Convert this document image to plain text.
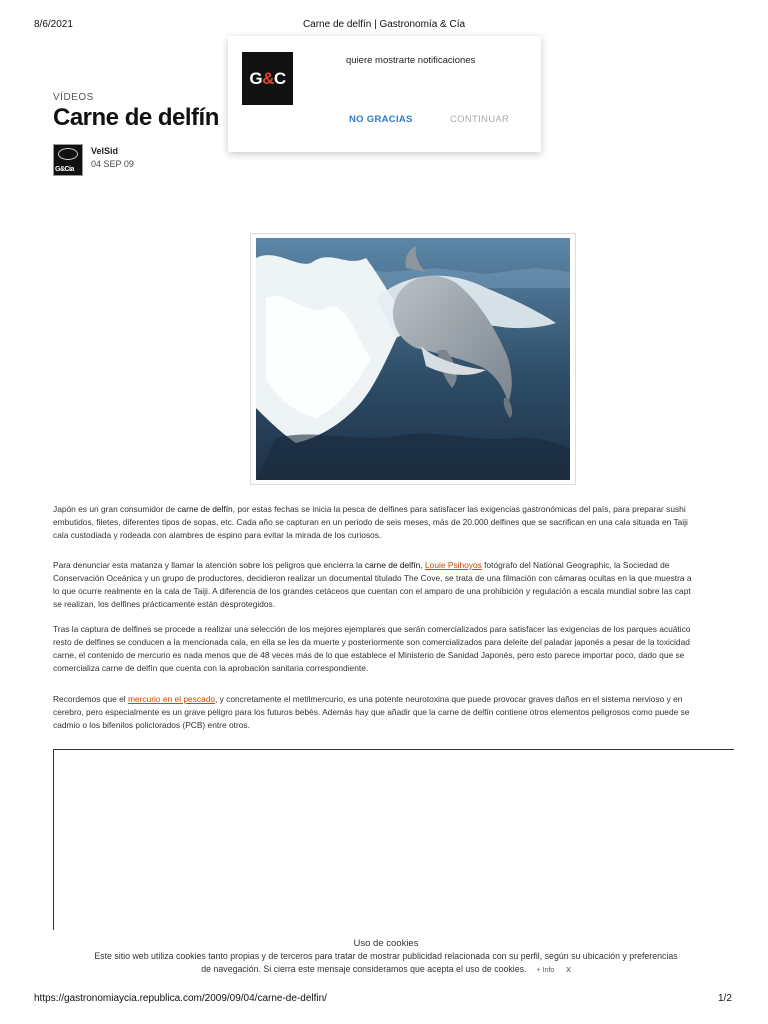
8/6/2021	Carne de delfín | Gastronomía & Cía
VÍDEOS
Carne de delfín
G&Cia
VelSid
04 SEP 09
Japón es un gran consumidor de carne de delfín, por estas fechas se inicia la pesca de delfines para satisfacer las exigencias gastronómicas del país, para preparar sushi
embutidos, filetes, diferentes tipos de sopas, etc. Cada año se capturan en un periodo de seis meses, más de 20.000 delfines que se sacrifican en una cala situada en Taiji
cala custodiada y rodeada con alambres de espino para evitar la mirada de los curiosos.
Para denunciar esta matanza y llamar la atención sobre los peligros que encierra la carne de delfín, Louie Psihoyos fotógrafo del National Geographic, la Sociedad de
Conservación Oceánica y un grupo de productores, decidieron realizar un documental titulado The Cove, se trata de una filmación con cámaras ocultas en la que muestra a
lo que ocurre realmente en la cala de Taiji. A diferencia de los grandes cetáceos que cuentan con el amparo de una prohibición y regulación a escala mundial sobre las capt
se realizan, los delfines prácticamente están desprotegidos.
Tras la captura de delfines se procede a realizar una selección de los mejores ejemplares que serán comercializados para satisfacer las exigencias de los parques acuático
resto de delfines se conducen a la mencionada cala, en ella se les da muerte y posteriormente son comercializados para deleite del paladar japonés a pesar de la toxicidad
carne, el contenido de mercurio es nada menos que de 48 veces más de lo que establece el Ministerio de Sanidad Japonés, pero esto parece importar poco, dado que se
comercializa carne de delfín que cuenta con la aprobación sanitaria correspondiente.
Recordemos que el mercurio en el pescado, y concretamente el metilmercurio, es una potente neurotoxina que puede provocar graves daños en el sistema nervioso y en
cerebro, pero especialmente es un grave peligro para los futuros bebés. Además hay que añadir que la carne de delfín contiene otros elementos peligrosos como puede se
cadmio o los bifenilos policlorados (PCB) entre otros.
G&C
quiere mostrarte notificaciones
NO GRACIAS	CONTINUAR
Uso de cookies
Este sitio web utiliza cookies tanto propias y de terceros para tratar de mostrar publicidad relacionada con su perfil, según su ubicación y preferencias
de navegación. Si cierra este mensaje consideramos que acepta el uso de cookies. + Info x
https://gastronomiaycia.republica.com/2009/09/04/carne-de-delfin/	1/2
